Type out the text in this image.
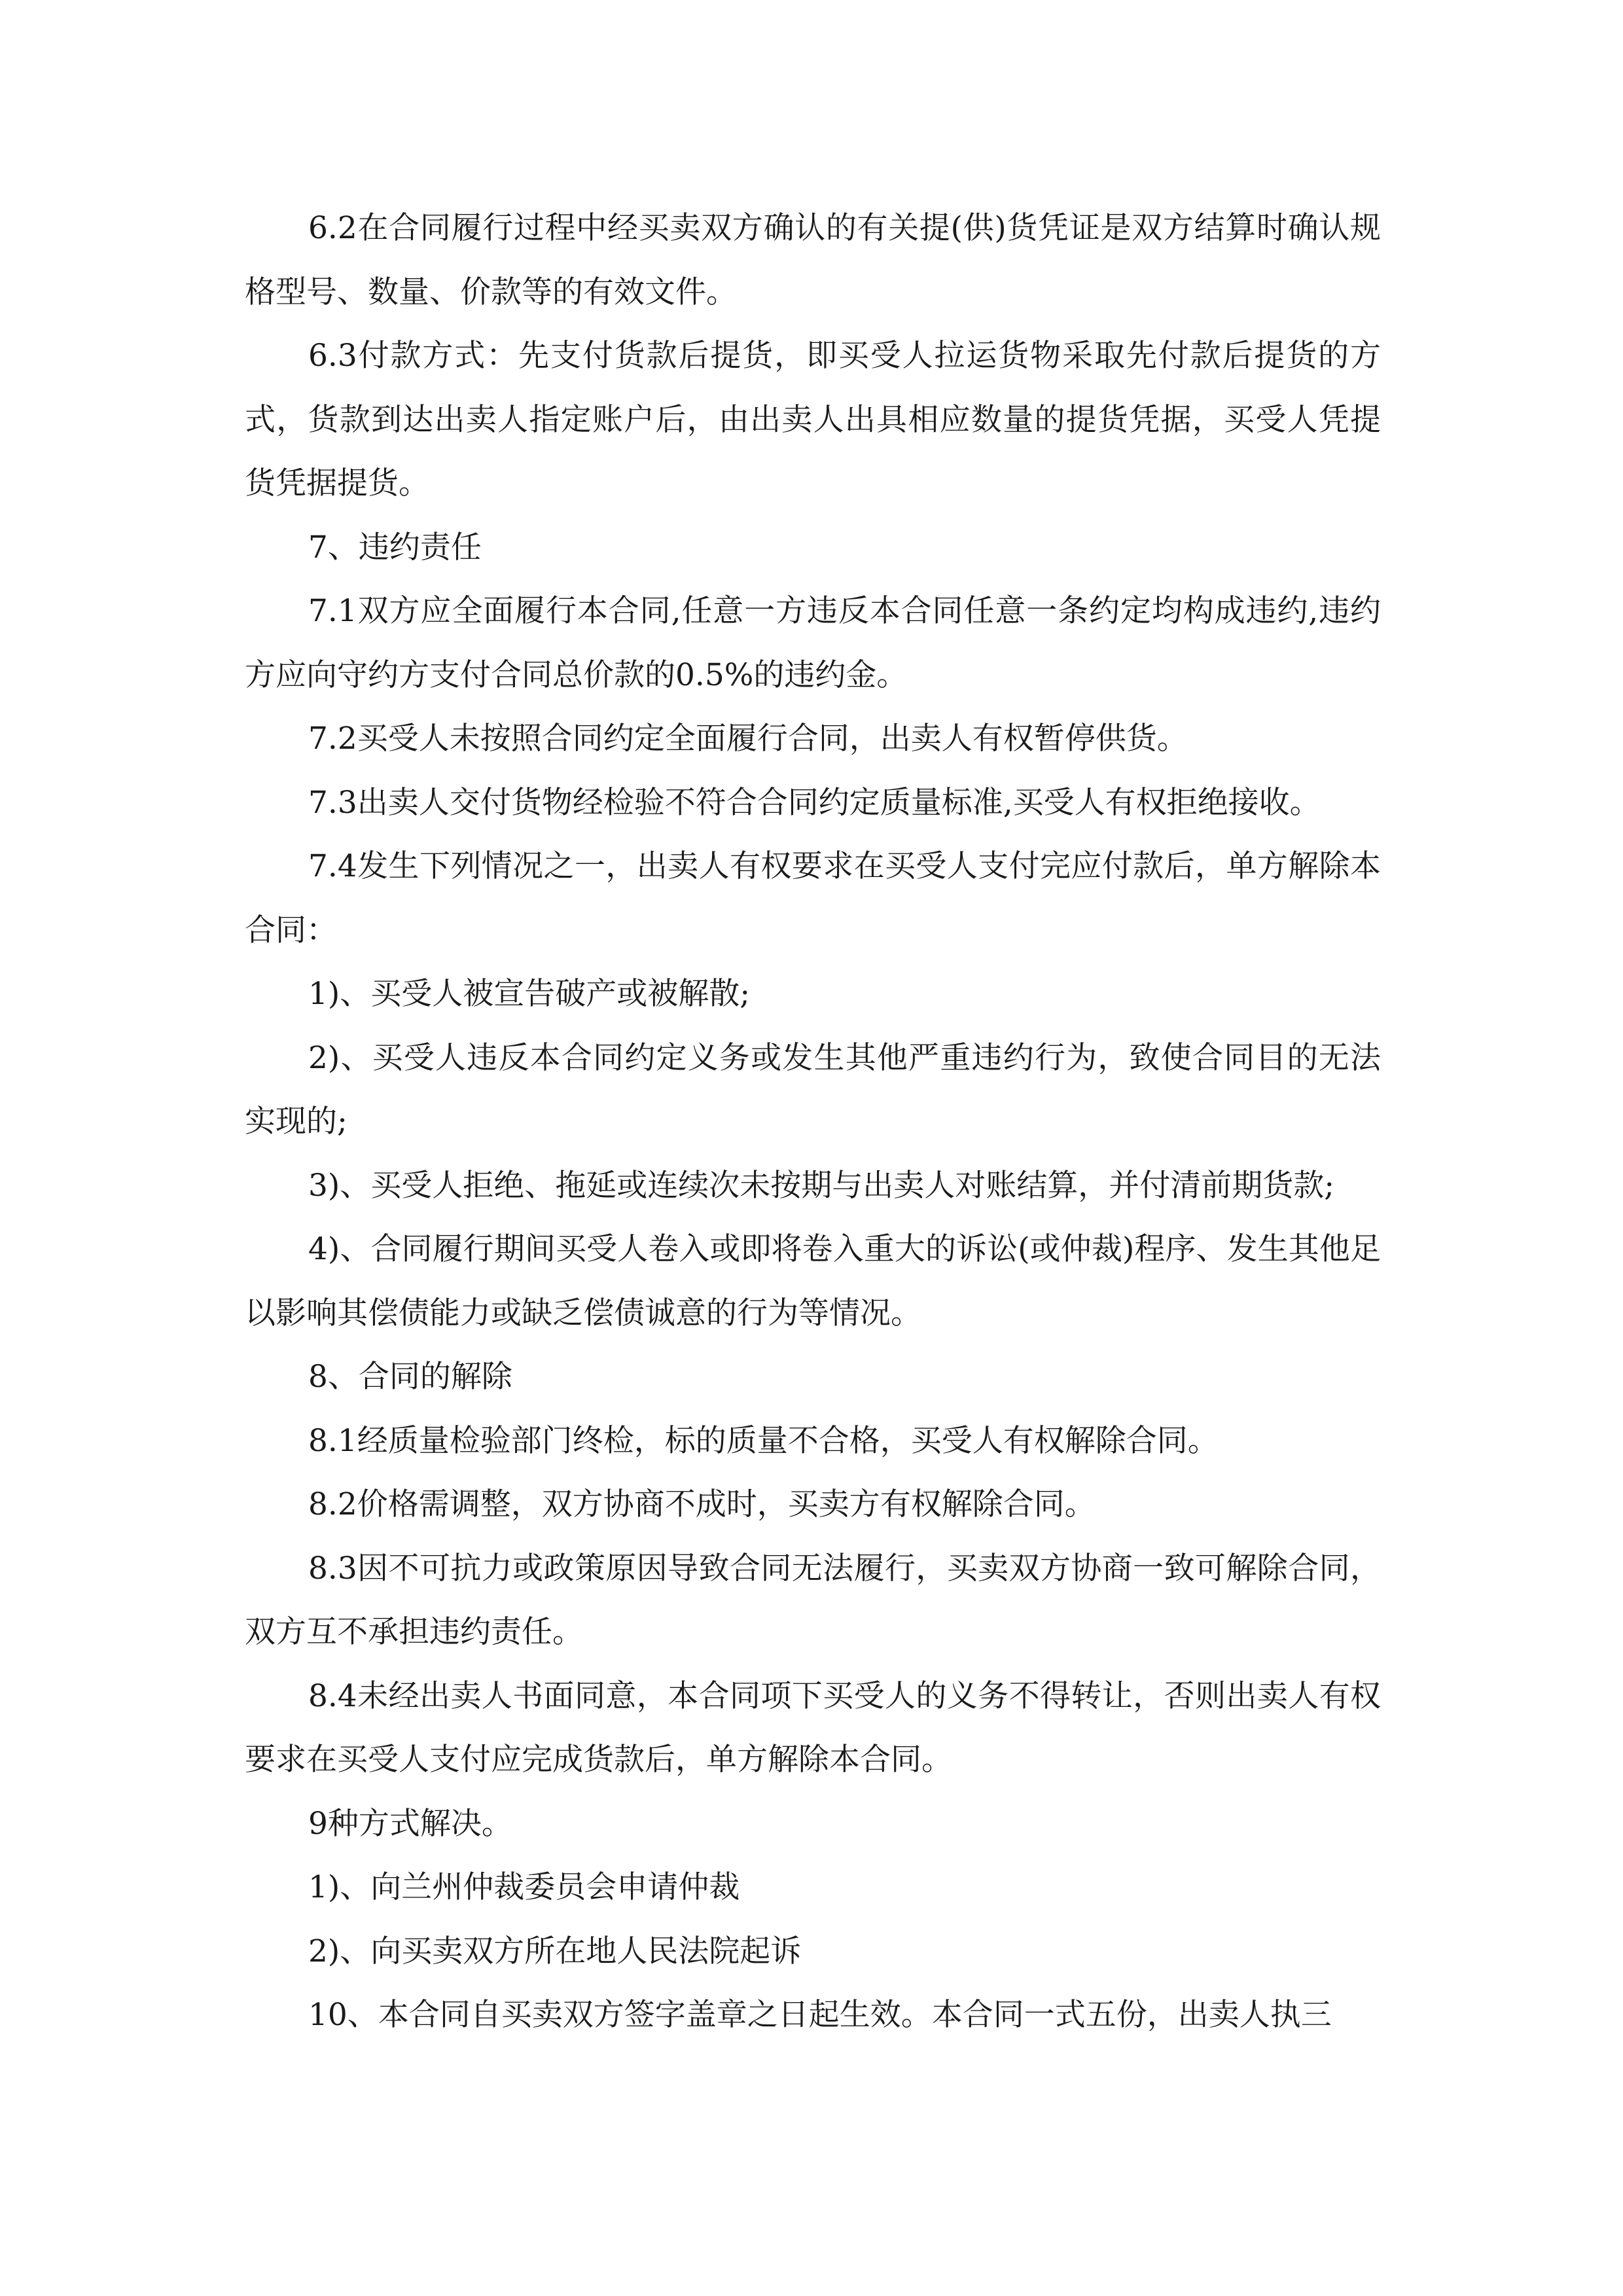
6.2在合同履行过程中经买卖双方确认的有关提(供)货凭证是双方结算时确认规格型号、数量、价款等的有效文件。

6.3付款方式：先支付货款后提货，即买受人拉运货物采取先付款后提货的方式，货款到达出卖人指定账户后，由出卖人出具相应数量的提货凭据，买受人凭提货凭据提货。

7、违约责任

7.1双方应全面履行本合同,任意一方违反本合同任意一条约定均构成违约,违约方应向守约方支付合同总价款的0.5%的违约金。

7.2买受人未按照合同约定全面履行合同，出卖人有权暂停供货。

7.3出卖人交付货物经检验不符合合同约定质量标准,买受人有权拒绝接收。

7.4发生下列情况之一，出卖人有权要求在买受人支付完应付款后，单方解除本合同：

1)、买受人被宣告破产或被解散;

2)、买受人违反本合同约定义务或发生其他严重违约行为，致使合同目的无法实现的;

3)、买受人拒绝、拖延或连续次未按期与出卖人对账结算，并付清前期货款;

4)、合同履行期间买受人卷入或即将卷入重大的诉讼(或仲裁)程序、发生其他足以影响其偿债能力或缺乏偿债诚意的行为等情况。

8、合同的解除

8.1经质量检验部门终检，标的质量不合格，买受人有权解除合同。

8.2价格需调整，双方协商不成时，买卖方有权解除合同。

8.3因不可抗力或政策原因导致合同无法履行，买卖双方协商一致可解除合同，双方互不承担违约责任。

8.4未经出卖人书面同意，本合同项下买受人的义务不得转让，否则出卖人有权要求在买受人支付应完成货款后，单方解除本合同。

9种方式解决。

1)、向兰州仲裁委员会申请仲裁

2)、向买卖双方所在地人民法院起诉

10、本合同自买卖双方签字盖章之日起生效。本合同一式五份，出卖人执三
